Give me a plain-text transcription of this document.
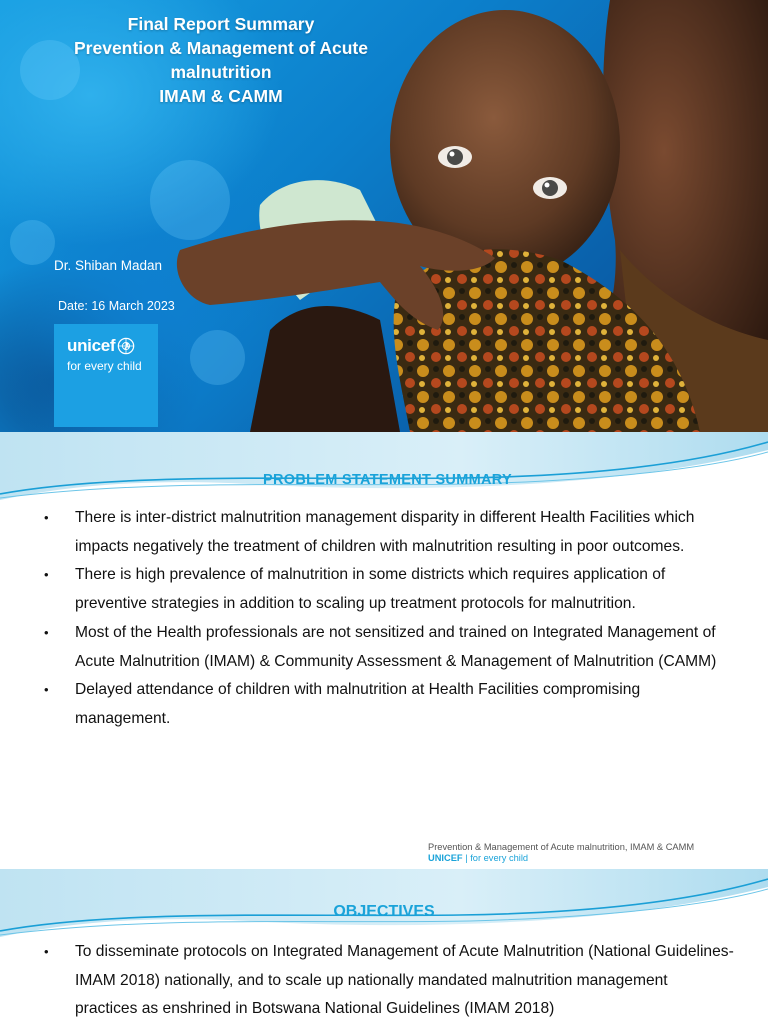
Final Report Summary
Prevention & Management of Acute
malnutrition
IMAM & CAMM
Dr. Shiban Madan
Date: 16 March 2023
unicef
for every child
PROBLEM STATEMENT SUMMARY
• There is inter-district malnutrition management disparity in different Health Facilities which impacts negatively the treatment of children with malnutrition resulting in poor outcomes.
• There is high prevalence of malnutrition in some districts which requires application of preventive strategies in addition to scaling up treatment protocols for malnutrition.
• Most of the Health professionals are not sensitized and trained on Integrated Management of Acute Malnutrition (IMAM) & Community Assessment & Management of Malnutrition (CAMM)
• Delayed attendance of children with malnutrition at Health Facilities compromising management.
Prevention & Management of Acute malnutrition, IMAM & CAMM
UNICEF | for every child
OBJECTIVES
• To disseminate protocols on Integrated Management of Acute Malnutrition (National Guidelines-IMAM 2018) nationally, and to scale up nationally mandated malnutrition management practices as enshrined in Botswana National Guidelines (IMAM 2018)
